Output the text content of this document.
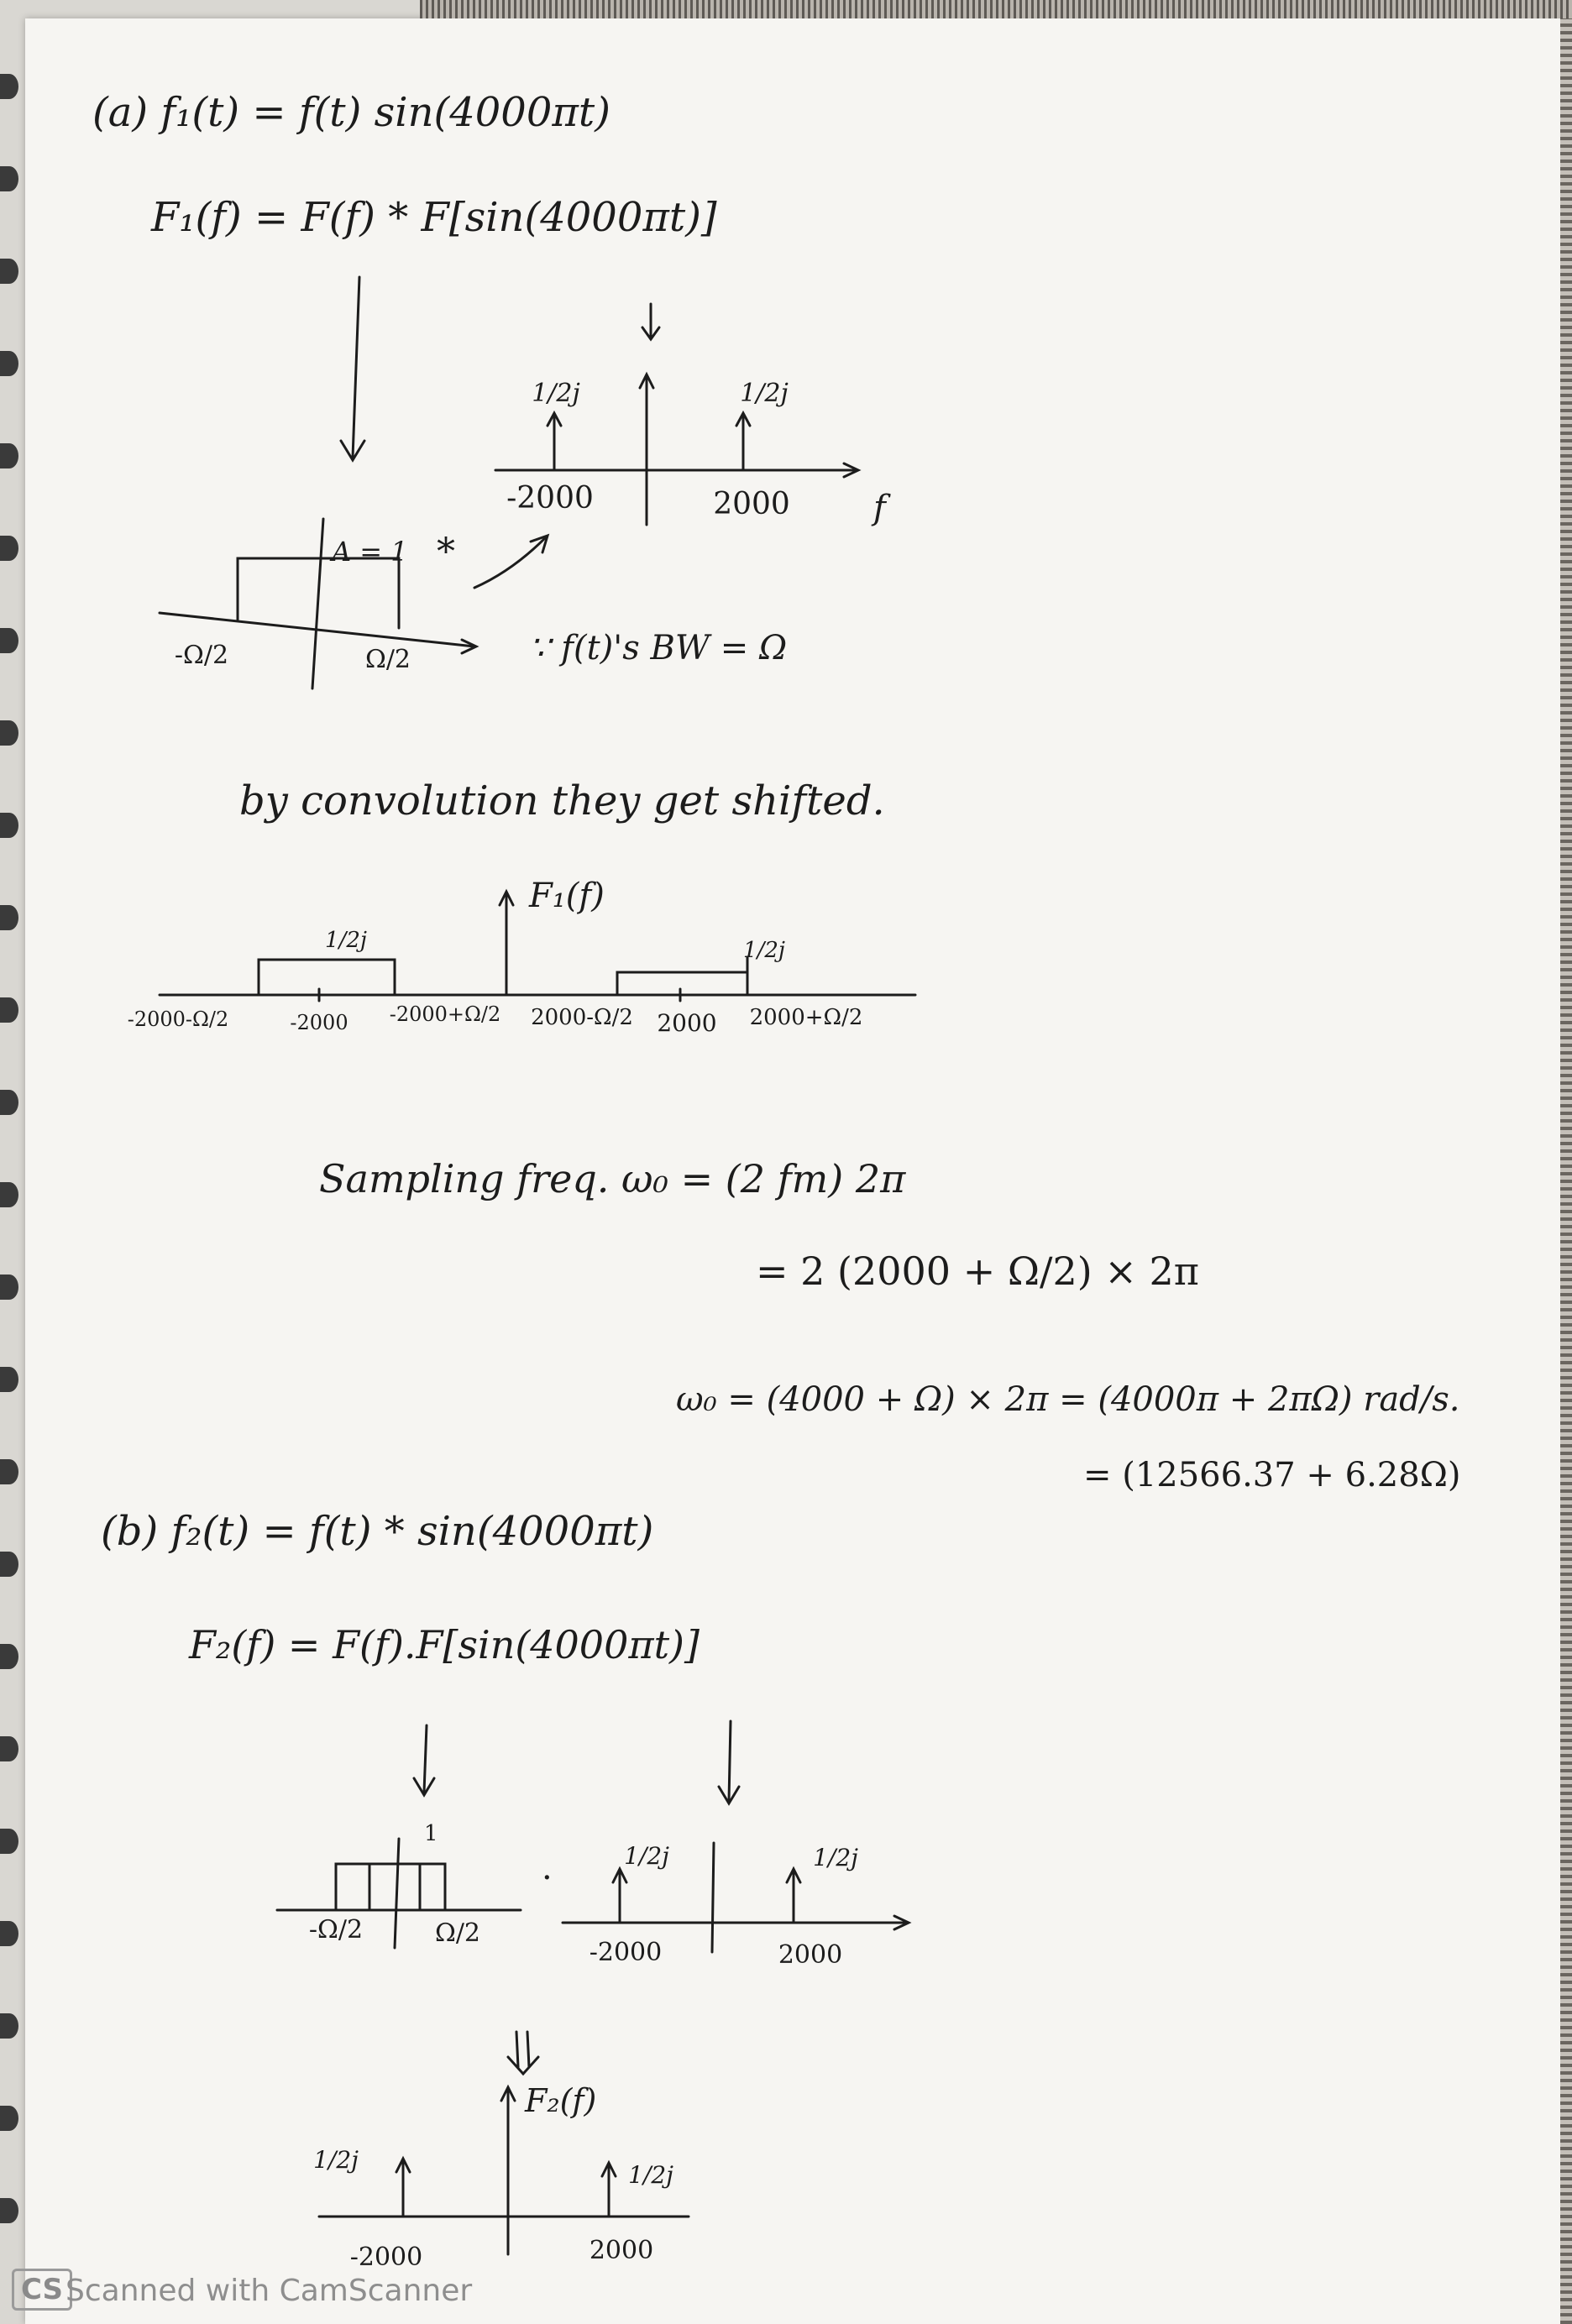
(a) f₁(t) = f(t) sin(4000πt)
F₁(f) = F(f) * F[sin(4000πt)]
1/2j	1/2j
-2000	2000 f
A = 1
-Ω/2	Ω/2
*
∵ f(t)'s BW = Ω
by convolution they get shifted.
F₁(f)
1/2j	1/2j
-2000-Ω/2	-2000 -2000+Ω/2 2000-Ω/2 2000 2000+Ω/2
Sampling freq. ω₀ = (2 fm) 2π
= 2 (2000 + Ω/2) × 2π
ω₀ = (4000 + Ω) × 2π = (4000π + 2πΩ) rad/s.
= (12566.37 + 6.28Ω)
(b) f₂(t) = f(t) * sin(4000πt)
F₂(f) = F(f).F[sin(4000πt)]
1
-Ω/2	Ω/2
·
1/2j	1/2j
-2000	2000
F₂(f)
1/2j
1/2j
-2000	2000
CS Scanned with CamScanner
